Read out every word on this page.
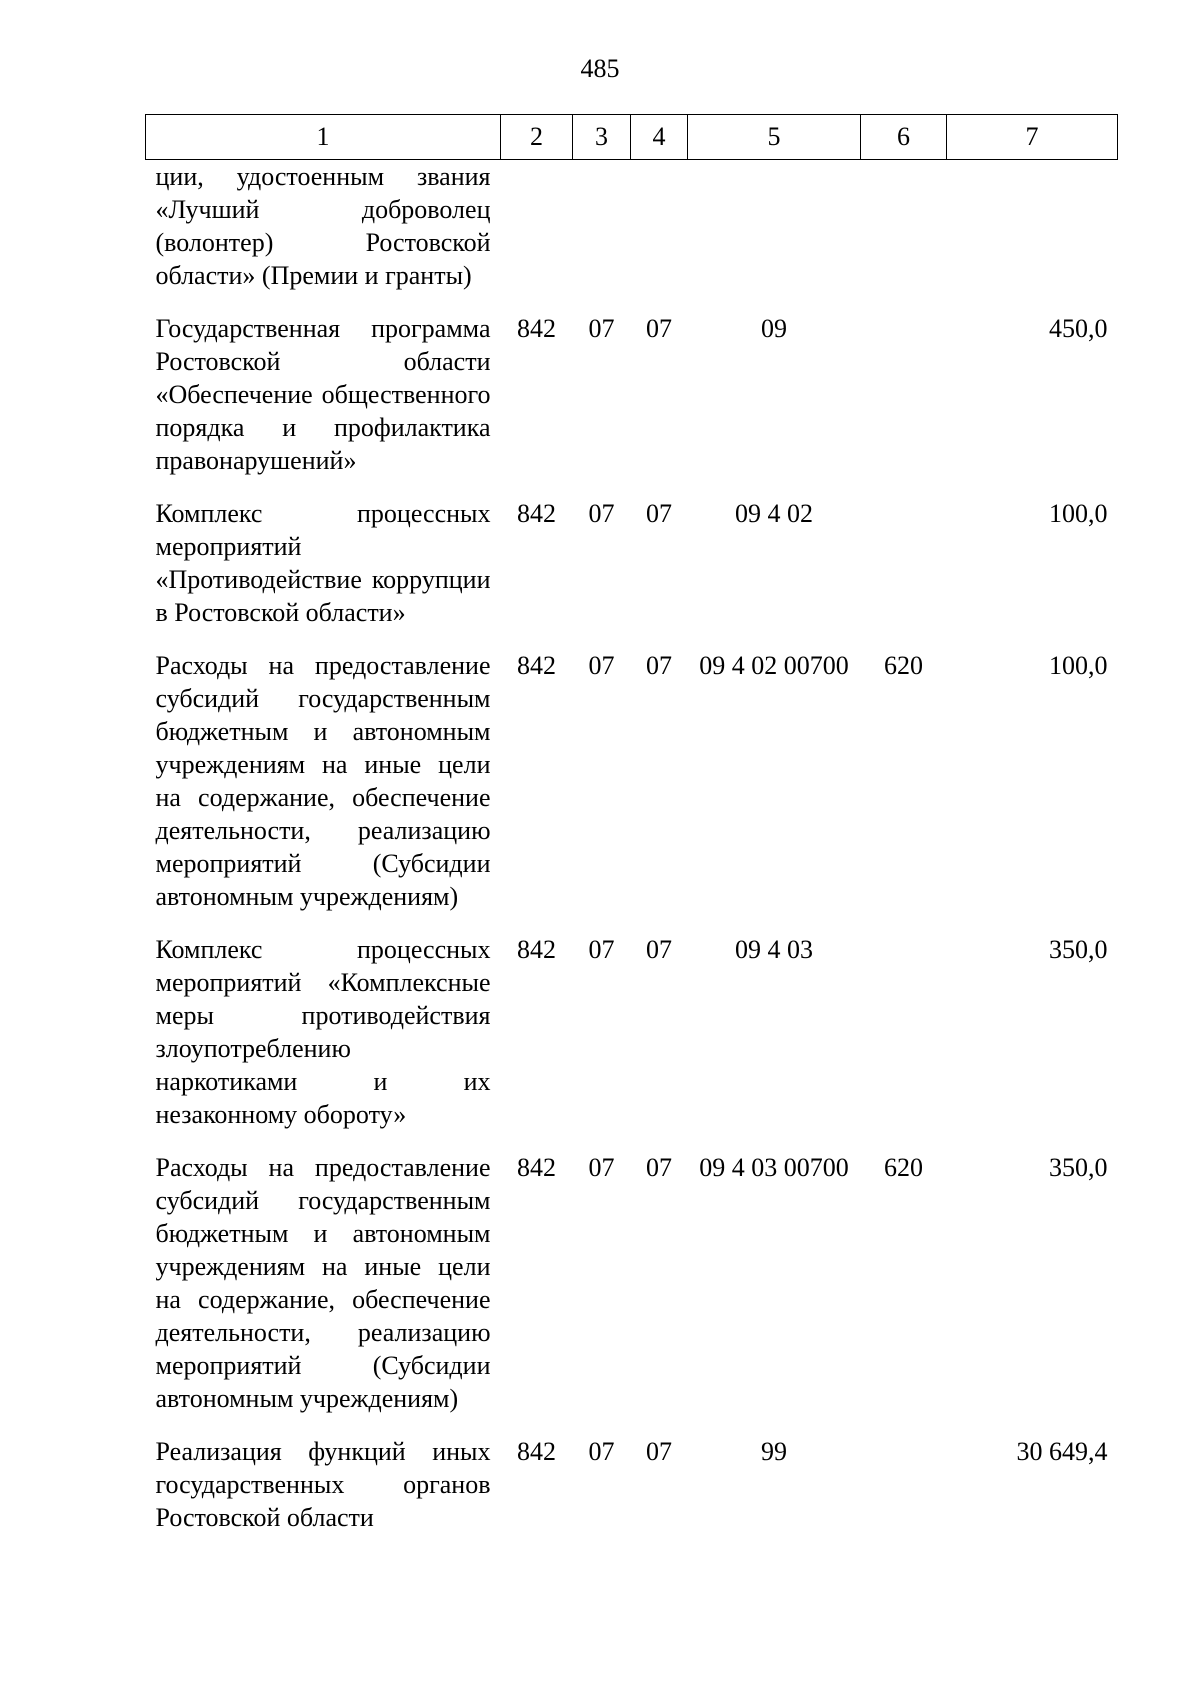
485
1	2	3	4	5	6	7
ции, удостоенным звания «Лучший доброволец (волонтер) Ростовской области» (Премии и гранты)						
Государственная программа Ростовской области «Обеспечение общественного порядка и профилактика правонарушений»	842	07	07	09		450,0
Комплекс процессных мероприятий «Противодействие коррупции в Ростовской области»	842	07	07	09 4 02		100,0
Расходы на предоставление субсидий государственным бюджетным и автономным учреждениям на иные цели на содержание, обеспечение деятельности, реализацию мероприятий (Субсидии автономным учреждениям)	842	07	07	09 4 02 00700	620	100,0
Комплекс процессных мероприятий «Комплексные меры противодействия злоупотреблению наркотиками и их незаконному обороту»	842	07	07	09 4 03		350,0
Расходы на предоставление субсидий государственным бюджетным и автономным учреждениям на иные цели на содержание, обеспечение деятельности, реализацию мероприятий (Субсидии автономным учреждениям)	842	07	07	09 4 03 00700	620	350,0
Реализация функций иных государственных органов Ростовской области	842	07	07	99		30 649,4
